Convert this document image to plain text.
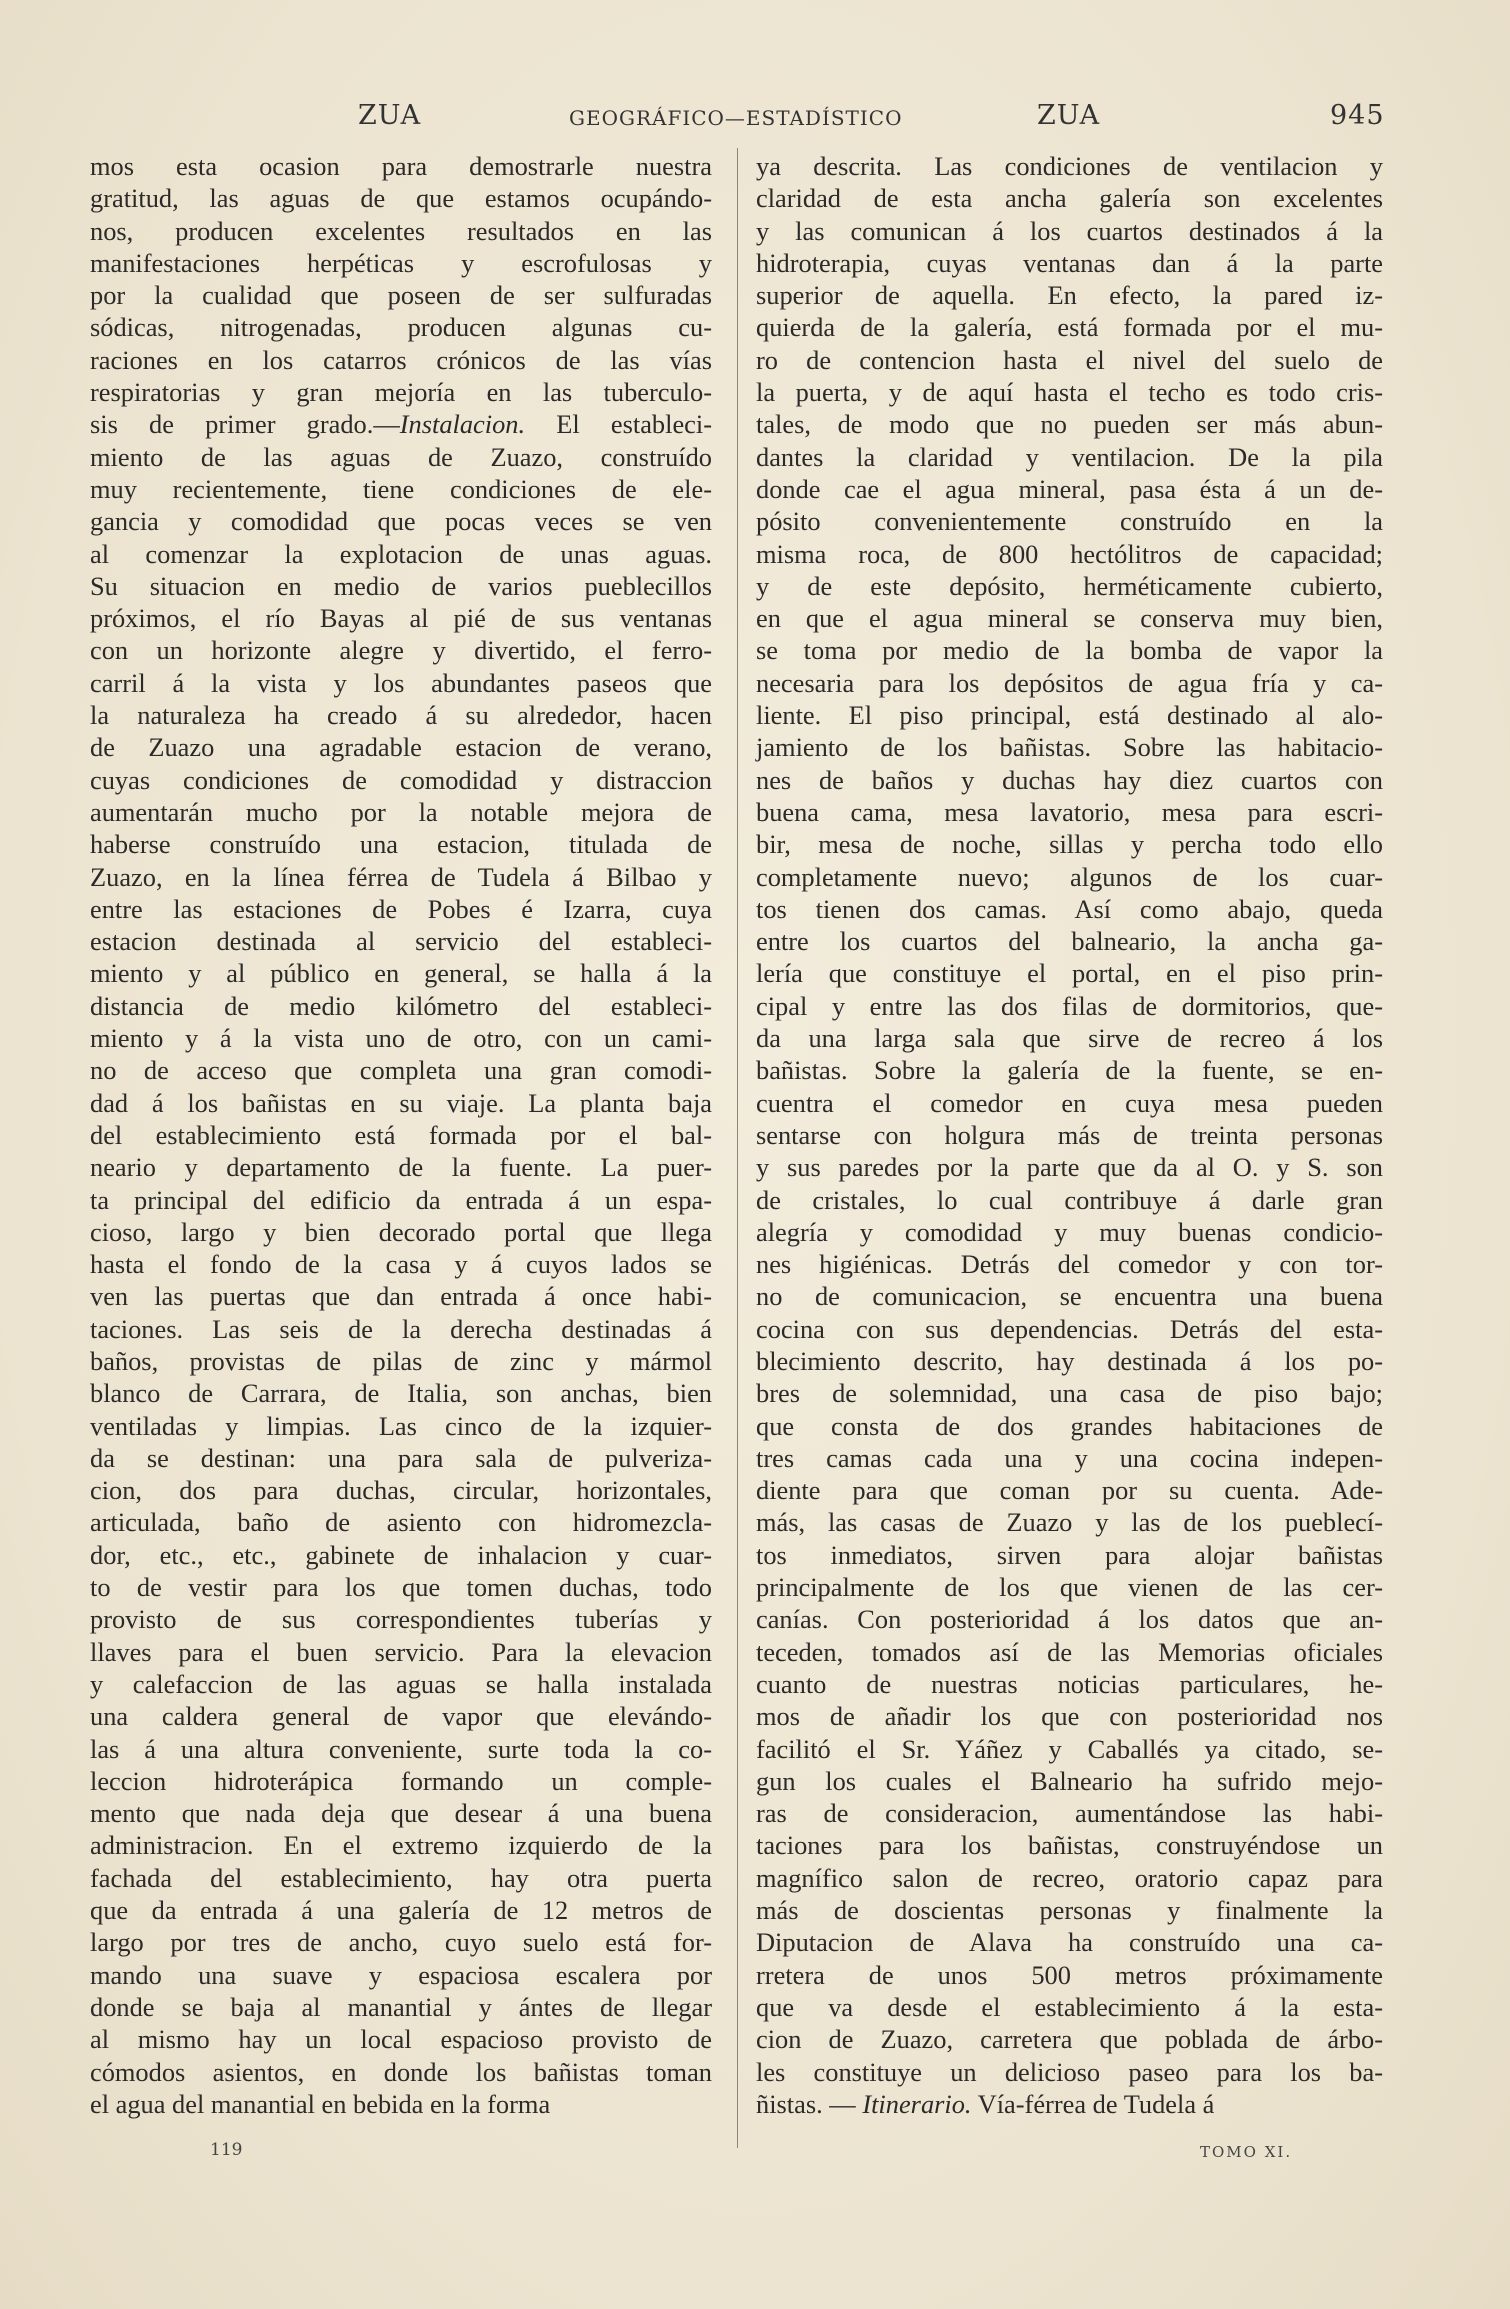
ZUA	GEOGRÁFICO—ESTADÍSTICO	ZUA	945
mos esta ocasion para demostrarle nuestra
gratitud, las aguas de que estamos ocupándo-
nos, producen excelentes resultados en las
manifestaciones herpéticas y escrofulosas y
por la cualidad que poseen de ser sulfuradas
sódicas, nitrogenadas, producen algunas cu-
raciones en los catarros crónicos de las vías
respiratorias y gran mejoría en las tuberculo-
sis de primer grado.—Instalacion. El estableci-
miento de las aguas de Zuazo, construído
muy recientemente, tiene condiciones de ele-
gancia y comodidad que pocas veces se ven
al comenzar la explotacion de unas aguas.
Su situacion en medio de varios pueblecillos
próximos, el río Bayas al pié de sus ventanas
con un horizonte alegre y divertido, el ferro-
carril á la vista y los abundantes paseos que
la naturaleza ha creado á su alrededor, hacen
de Zuazo una agradable estacion de verano,
cuyas condiciones de comodidad y distraccion
aumentarán mucho por la notable mejora de
haberse construído una estacion, titulada de
Zuazo, en la línea férrea de Tudela á Bilbao y
entre las estaciones de Pobes é Izarra, cuya
estacion destinada al servicio del estableci-
miento y al público en general, se halla á la
distancia de medio kilómetro del estableci-
miento y á la vista uno de otro, con un cami-
no de acceso que completa una gran comodi-
dad á los bañistas en su viaje. La planta baja
del establecimiento está formada por el bal-
neario y departamento de la fuente. La puer-
ta principal del edificio da entrada á un espa-
cioso, largo y bien decorado portal que llega
hasta el fondo de la casa y á cuyos lados se
ven las puertas que dan entrada á once habi-
taciones. Las seis de la derecha destinadas á
baños, provistas de pilas de zinc y mármol
blanco de Carrara, de Italia, son anchas, bien
ventiladas y limpias. Las cinco de la izquier-
da se destinan: una para sala de pulveriza-
cion, dos para duchas, circular, horizontales,
articulada, baño de asiento con hidromezcla-
dor, etc., etc., gabinete de inhalacion y cuar-
to de vestir para los que tomen duchas, todo
provisto de sus correspondientes tuberías y
llaves para el buen servicio. Para la elevacion
y calefaccion de las aguas se halla instalada
una caldera general de vapor que elevándo-
las á una altura conveniente, surte toda la co-
leccion hidroterápica formando un comple-
mento que nada deja que desear á una buena
administracion. En el extremo izquierdo de la
fachada del establecimiento, hay otra puerta
que da entrada á una galería de 12 metros de
largo por tres de ancho, cuyo suelo está for-
mando una suave y espaciosa escalera por
donde se baja al manantial y ántes de llegar
al mismo hay un local espacioso provisto de
cómodos asientos, en donde los bañistas toman
el agua del manantial en bebida en la forma
ya descrita. Las condiciones de ventilacion y
claridad de esta ancha galería son excelentes
y las comunican á los cuartos destinados á la
hidroterapia, cuyas ventanas dan á la parte
superior de aquella. En efecto, la pared iz-
quierda de la galería, está formada por el mu-
ro de contencion hasta el nivel del suelo de
la puerta, y de aquí hasta el techo es todo cris-
tales, de modo que no pueden ser más abun-
dantes la claridad y ventilacion. De la pila
donde cae el agua mineral, pasa ésta á un de-
pósito convenientemente construído en la
misma roca, de 800 hectólitros de capacidad;
y de este depósito, herméticamente cubierto,
en que el agua mineral se conserva muy bien,
se toma por medio de la bomba de vapor la
necesaria para los depósitos de agua fría y ca-
liente. El piso principal, está destinado al alo-
jamiento de los bañistas. Sobre las habitacio-
nes de baños y duchas hay diez cuartos con
buena cama, mesa lavatorio, mesa para escri-
bir, mesa de noche, sillas y percha todo ello
completamente nuevo; algunos de los cuar-
tos tienen dos camas. Así como abajo, queda
entre los cuartos del balneario, la ancha ga-
lería que constituye el portal, en el piso prin-
cipal y entre las dos filas de dormitorios, que-
da una larga sala que sirve de recreo á los
bañistas. Sobre la galería de la fuente, se en-
cuentra el comedor en cuya mesa pueden
sentarse con holgura más de treinta personas
y sus paredes por la parte que da al O. y S. son
de cristales, lo cual contribuye á darle gran
alegría y comodidad y muy buenas condicio-
nes higiénicas. Detrás del comedor y con tor-
no de comunicacion, se encuentra una buena
cocina con sus dependencias. Detrás del esta-
blecimiento descrito, hay destinada á los po-
bres de solemnidad, una casa de piso bajo;
que consta de dos grandes habitaciones de
tres camas cada una y una cocina indepen-
diente para que coman por su cuenta. Ade-
más, las casas de Zuazo y las de los pueblecí-
tos inmediatos, sirven para alojar bañistas
principalmente de los que vienen de las cer-
canías. Con posterioridad á los datos que an-
teceden, tomados así de las Memorias oficiales
cuanto de nuestras noticias particulares, he-
mos de añadir los que con posterioridad nos
facilitó el Sr. Yáñez y Caballés ya citado, se-
gun los cuales el Balneario ha sufrido mejo-
ras de consideracion, aumentándose las habi-
taciones para los bañistas, construyéndose un
magnífico salon de recreo, oratorio capaz para
más de doscientas personas y finalmente la
Diputacion de Alava ha construído una ca-
rretera de unos 500 metros próximamente
que va desde el establecimiento á la esta-
cion de Zuazo, carretera que poblada de árbo-
les constituye un delicioso paseo para los ba-
ñistas. — Itinerario. Vía-férrea de Tudela á
119	TOMO XI.
